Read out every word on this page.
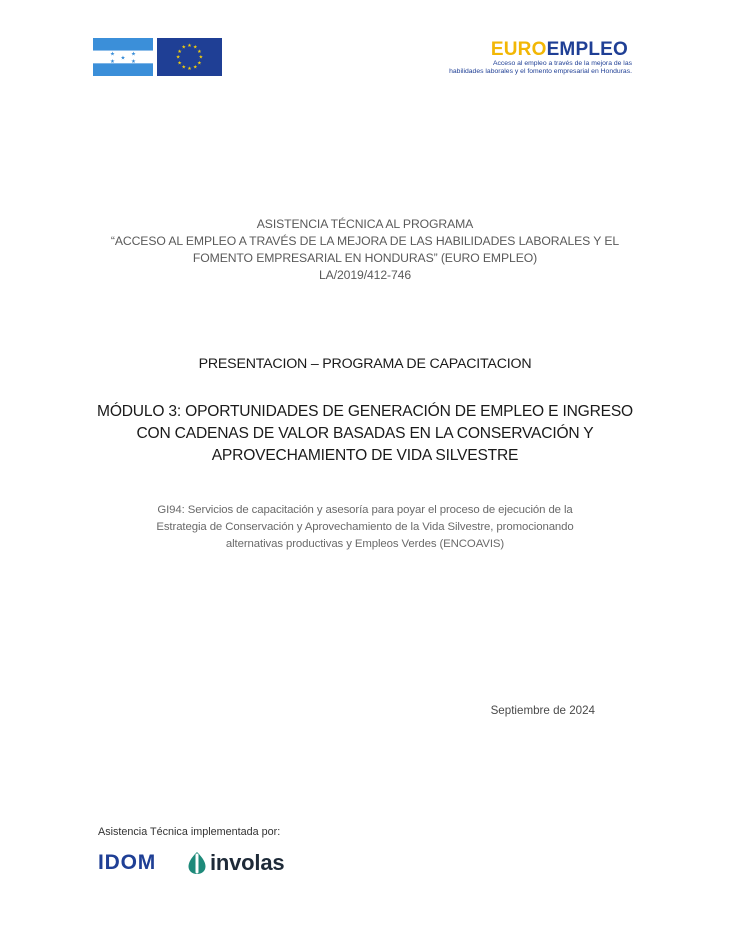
★
★
★
★
★
★ ★
★
★
★
★
★
★
★
★
★
★	EUROEMPLEO
Acceso al empleo a través de la mejora de las
habilidades laborales y el fomento empresarial en Honduras.
ASISTENCIA TÉCNICA AL PROGRAMA
“ACCESO AL EMPLEO A TRAVÉS DE LA MEJORA DE LAS HABILIDADES LABORALES Y EL
FOMENTO EMPRESARIAL EN HONDURAS” (EURO EMPLEO)
LA/2019/412-746
PRESENTACION – PROGRAMA DE CAPACITACION
MÓDULO 3: OPORTUNIDADES DE GENERACIÓN DE EMPLEO E INGRESO
CON CADENAS DE VALOR BASADAS EN LA CONSERVACIÓN Y
APROVECHAMIENTO DE VIDA SILVESTRE
GI94: Servicios de capacitación y asesoría para poyar el proceso de ejecución de la
Estrategia de Conservación y Aprovechamiento de la Vida Silvestre, promocionando
alternativas productivas y Empleos Verdes (ENCOAVIS)
Septiembre de 2024
Asistencia Técnica implementada por:
IDOM involas
